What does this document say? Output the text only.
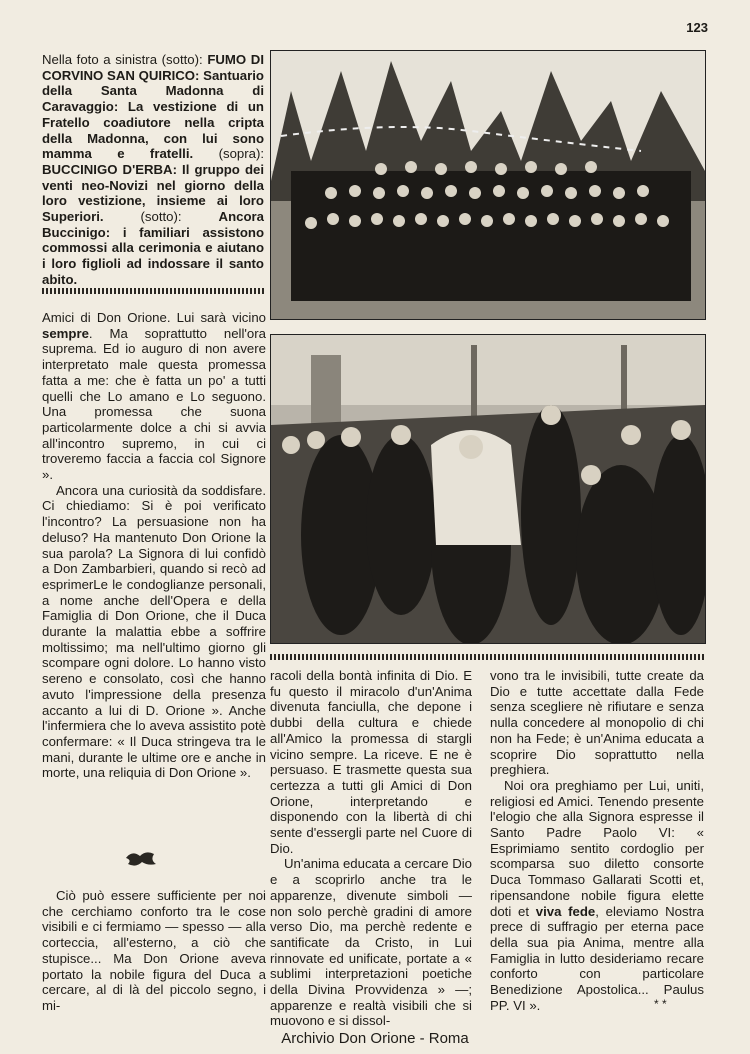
123
Nella foto a sinistra (sotto): FUMO DI CORVINO SAN QUIRICO: Santuario della Santa Madonna di Caravaggio: La vestizione di un Fratello coadiutore nella cripta della Madonna, con lui sono mamma e fratelli. (sopra): BUCCINIGO D'ERBA: Il gruppo dei venti neo-Novizi nel giorno della loro vestizione, insieme ai loro Superiori.	(sotto):	Ancora Buccinigo: i familiari assistono commossi alla cerimonia e aiutano i loro figlioli ad indossare il santo abito.

Amici di Don Orione. Lui sarà vicino sempre. Ma soprattutto nell'ora suprema. Ed io auguro di non avere interpretato male questa promessa fatta a me: che è fatta un po' a tutti quelli che Lo amano e Lo seguono. Una promessa che suona particolarmente dolce a chi si avvia all'incontro supremo, in cui ci troveremo faccia a faccia col Signore ».

Ancora una curiosità da soddisfare. Ci chiediamo: Si è poi verificato l'incontro? La persuasione non ha deluso? Ha mantenuto Don Orione la sua parola? La Signora di lui confidò a Don Zambarbieri, quando si recò ad esprimerLe le condoglianze personali, a nome anche dell'Opera e della Famiglia di Don Orione, che il Duca durante la malattia ebbe a soffrire moltissimo; ma nell'ultimo giorno gli scompare ogni dolore. Lo hanno visto sereno e consolato, così che hanno avuto l'impressione della presenza accanto a lui di D. Orione ». Anche l'infermiera che lo aveva assistito potè confermare: « Il Duca stringeva tra le mani, durante le ultime ore e anche in morte, una reliquia di Don Orione ».

Ciò può essere sufficiente per noi che cerchiamo conforto tra le cose visibili e ci fermiamo — spesso — alla corteccia, all'esterno, a ciò che stupisce... Ma Don Orione aveva portato la nobile figura del Duca a cercare, al di là del piccolo segno, i mi-

racoli della bontà infinita di Dio. E fu questo il miracolo d'un'Anima divenuta fanciulla, che depone i dubbi della cultura e chiede all'Amico la promessa di stargli vicino sempre. La riceve. E ne è persuaso. E trasmette questa sua certezza a tutti gli Amici di Don Orione, interpretando e disponendo con la libertà di chi sente d'essergli parte nel Cuore di Dio.

Un'anima educata a cercare Dio e a scoprirlo anche tra le apparenze, divenute simboli — non solo perchè gradini di amore verso Dio, ma perchè redente e santificate da Cristo, in Lui rinnovate ed unificate, portate a « sublimi interpretazioni poetiche della Divina Provvidenza » —; apparenze e realtà visibili che si muovono e si dissol-

vono tra le invisibili, tutte create da Dio e tutte accettate dalla Fede senza scegliere nè rifiutare e senza nulla concedere al monopolio di chi non ha Fede; è un'Anima educata a scoprire Dio soprattutto nella preghiera.

Noi ora preghiamo per Lui, uniti, religiosi ed Amici. Tenendo presente l'elogio che alla Signora espresse il Santo Padre Paolo VI: « Esprimiamo sentito cordoglio per scomparsa suo diletto consorte Duca Tommaso Gallarati Scotti et, ripensandone nobile figura elette doti et viva fede, eleviamo Nostra prece di suffragio per eterna pace della sua pia Anima, mentre alla Famiglia in lutto desideriamo recare conforto con particolare Benedizione Apostolica... Paulus PP. VI ».	* *
Archivio Don Orione - Roma
